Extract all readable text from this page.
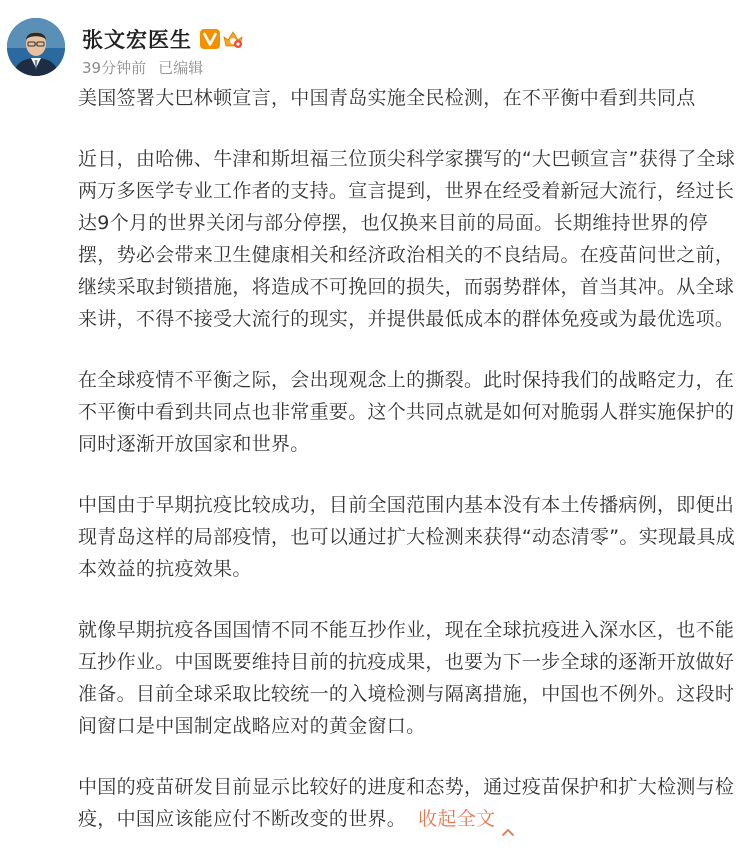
张文宏医生
39分钟前 已编辑

美国签署大巴林顿宣言，中国青岛实施全民检测，在不平衡中看到共同点

近日，由哈佛、牛津和斯坦福三位顶尖科学家撰写的“大巴顿宣言”获得了全球两万多医学专业工作者的支持。宣言提到，世界在经受着新冠大流行，经过长达9个月的世界关闭与部分停摆，也仅换来目前的局面。长期维持世界的停摆，势必会带来卫生健康相关和经济政治相关的不良结局。在疫苗问世之前，继续采取封锁措施，将造成不可挽回的损失，而弱势群体，首当其冲。从全球来讲，不得不接受大流行的现实，并提供最低成本的群体免疫或为最优选项。

在全球疫情不平衡之际，会出现观念上的撕裂。此时保持我们的战略定力，在不平衡中看到共同点也非常重要。这个共同点就是如何对脆弱人群实施保护的同时逐渐开放国家和世界。

中国由于早期抗疫比较成功，目前全国范围内基本没有本土传播病例，即便出现青岛这样的局部疫情，也可以通过扩大检测来获得“动态清零”。实现最具成本效益的抗疫效果。

就像早期抗疫各国国情不同不能互抄作业，现在全球抗疫进入深水区，也不能互抄作业。中国既要维持目前的抗疫成果，也要为下一步全球的逐渐开放做好准备。目前全球采取比较统一的入境检测与隔离措施，中国也不例外。这段时间窗口是中国制定战略应对的黄金窗口。

中国的疫苗研发目前显示比较好的进度和态势，通过疫苗保护和扩大检测与检疫，中国应该能应付不断改变的世界。 收起全文
